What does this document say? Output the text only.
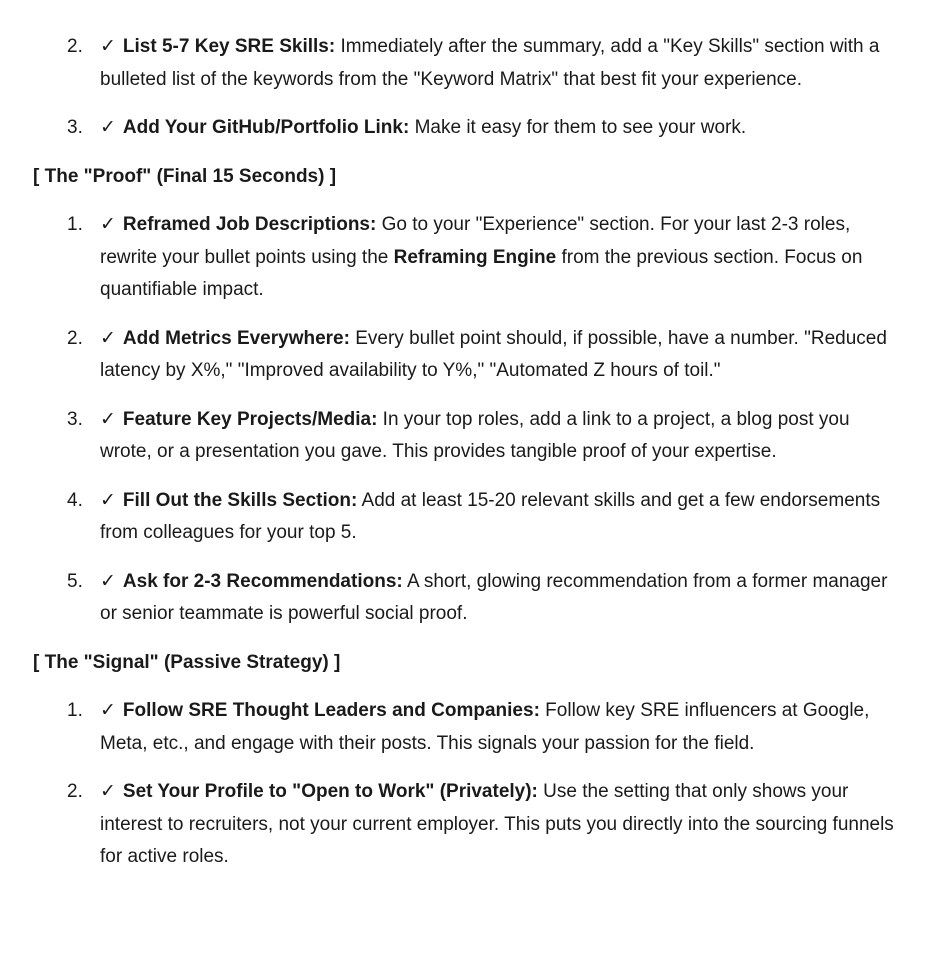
2. ✓ List 5-7 Key SRE Skills: Immediately after the summary, add a "Key Skills" section with a bulleted list of the keywords from the "Keyword Matrix" that best fit your experience.
3. ✓ Add Your GitHub/Portfolio Link: Make it easy for them to see your work.
[ The "Proof" (Final 15 Seconds) ]
1. ✓ Reframed Job Descriptions: Go to your "Experience" section. For your last 2-3 roles, rewrite your bullet points using the Reframing Engine from the previous section. Focus on quantifiable impact.
2. ✓ Add Metrics Everywhere: Every bullet point should, if possible, have a number. "Reduced latency by X%," "Improved availability to Y%," "Automated Z hours of toil."
3. ✓ Feature Key Projects/Media: In your top roles, add a link to a project, a blog post you wrote, or a presentation you gave. This provides tangible proof of your expertise.
4. ✓ Fill Out the Skills Section: Add at least 15-20 relevant skills and get a few endorsements from colleagues for your top 5.
5. ✓ Ask for 2-3 Recommendations: A short, glowing recommendation from a former manager or senior teammate is powerful social proof.
[ The "Signal" (Passive Strategy) ]
1. ✓ Follow SRE Thought Leaders and Companies: Follow key SRE influencers at Google, Meta, etc., and engage with their posts. This signals your passion for the field.
2. ✓ Set Your Profile to "Open to Work" (Privately): Use the setting that only shows your interest to recruiters, not your current employer. This puts you directly into the sourcing funnels for active roles.
